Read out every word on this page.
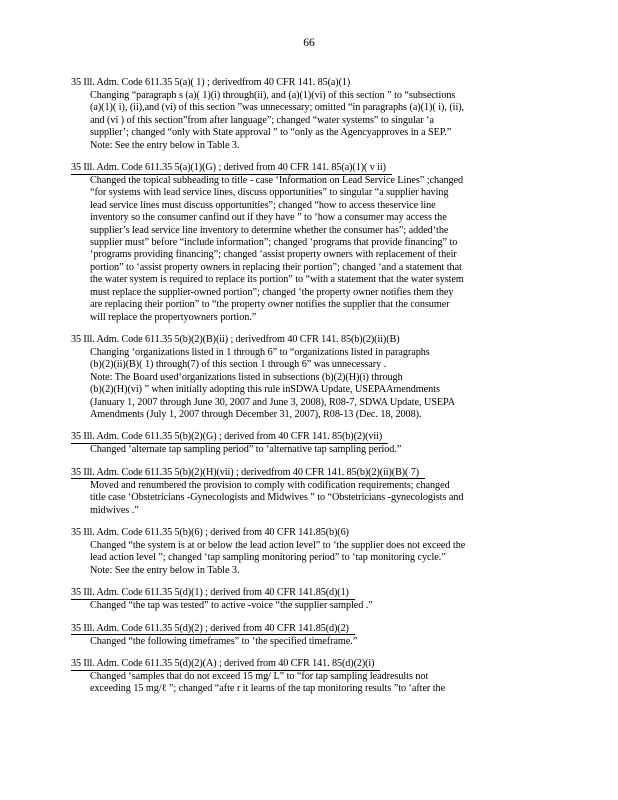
66
35 Ill. Adm. Code 611.35 5(a)( 1) ; derivedfrom 40 CFR 141. 85(a)(1)
Changing “paragraph s (a)( 1)(i) through(ii), and (a)(1)(vi) of this section ” to “subsections
(a)(1)( i), (ii),and (vi) of this section ”was unnecessary; omitted “in paragraphs (a)(1)( i), (ii),
and (vi ) of this section”from after language”; changed “water systems” to singular ‘a
supplier’; changed “only with State approval ” to “only as the Agencyapproves in a SEP.”
Note: See the entry below in Table 3.
35 Ill. Adm. Code 611.35 5(a)(1)(G) ; derived from 40 CFR 141. 85(a)(1)( v ii)
Changed the topical subheading to title - case ‘Information on Lead Service Lines” ;changed
“for systems with lead service lines, discuss opportunities” to singular “a supplier having
lead service lines must discuss opportunities”; changed “how to access theservice line
inventory so the consumer canfind out if they have ” to ‘how a consumer may access the
supplier’s lead service line inventory to determine whether the consumer has”; added‘the
supplier must” before “include information”; changed ‘programs that provide financing” to
‘programs providing financing”; changed ‘assist property owners with replacement of their
portion” to ‘assist property owners in replacing their portion”; changed ‘and a statement that
the water system is required to replace its portion” to “with a statement that the water system
must replace the supplier-owned portion”; changed ‘the property owner notifies them they
are replacing their portion” to “the property owner notifies the supplier that the consumer
will replace the propertyowners portion.”
35 Ill. Adm. Code 611.35 5(b)(2)(B)(ii) ; derivedfrom 40 CFR 141. 85(b)(2)(ii)(B)
Changing ‘organizations listed in 1 through 6” to “organizations listed in paragraphs
(b)(2)(ii)(B)( 1) through(7) of this section 1 through 6” was unnecessary .
Note: The Board used‘organizations listed in subsections (b)(2)(H)(i) through
(b)(2)(H)(vi) ” when initially adopting this rule inSDWA Update, USEPAAmendments
(January 1, 2007 through June 30, 2007 and June 3, 2008), R08-7, SDWA Update, USEPA
Amendments (July 1, 2007 through December 31, 2007), R08-13 (Dec. 18, 2008).
35 Ill. Adm. Code 611.35 5(b)(2)(G) ; derived from 40 CFR 141. 85(b)(2)(vii)
Changed ‘alternate tap sampling period” to ‘alternative tap sampling period.”
35 Ill. Adm. Code 611.35 5(b)(2)(H)(vii) ; derivedfrom 40 CFR 141. 85(b)(2)(ii)(B)( 7)
Moved and renumbered the provision to comply with codification requirements; changed
title case ‘Obstetricians -Gynecologists and Midwives ” to “Obstetricians -gynecologists and
midwives .”
35 Ill. Adm. Code 611.35 5(b)(6) ; derived from 40 CFR 141.85(b)(6)
Changed “the system is at or below the lead action level” to ‘the supplier does not exceed the
lead action level ”; changed ‘tap sampling monitoring period” to ‘tap monitoring cycle.”
Note: See the entry below in Table 3.
35 Ill. Adm. Code 611.35 5(d)(1) ; derived from 40 CFR 141.85(d)(1)
Changed “the tap was tested” to active -voice “the supplier sampled .”
35 Ill. Adm. Code 611.35 5(d)(2) ; derived from 40 CFR 141.85(d)(2)
Changed “the following timeframes” to ‘the specified timeframe.”
35 Ill. Adm. Code 611.35 5(d)(2)(A) ; derived from 40 CFR 141. 85(d)(2)(i)
Changed ‘samples that do not exceed 15 mg/ L” to “for tap sampling leadresults not
exceeding 15 mg/ℓ ”; changed “afte r it learns of the tap monitoring results ”to ‘after the
